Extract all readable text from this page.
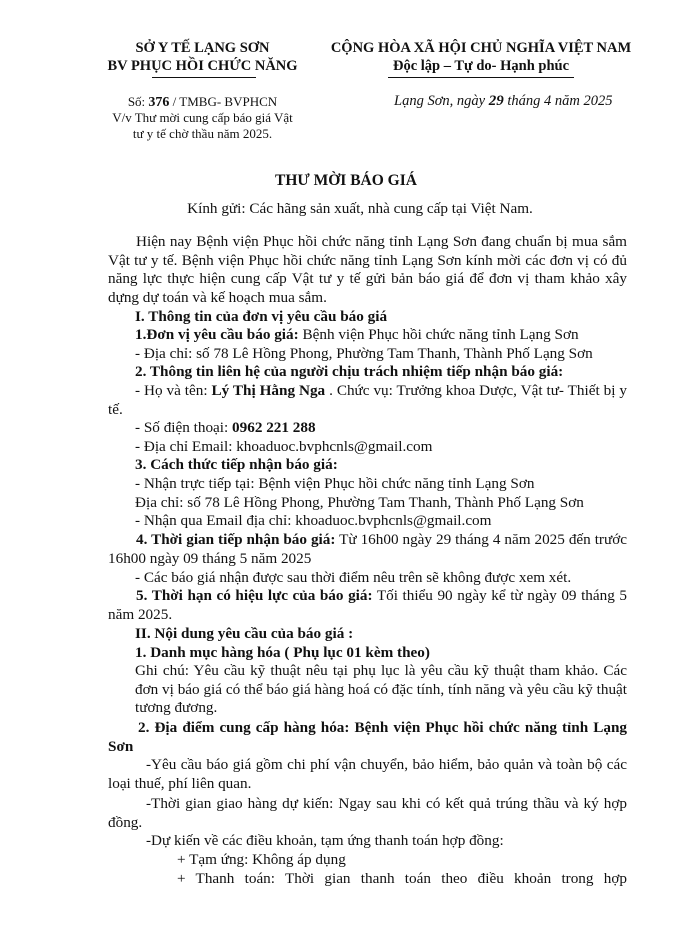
SỞ Y TẾ LẠNG SƠN
BV PHỤC HỒI CHỨC NĂNG
CỘNG HÒA XÃ HỘI CHỦ NGHĨA VIỆT NAM
Độc lập – Tự do- Hạnh phúc
Số: 376 / TMBG- BVPHCN
V/v Thư mời cung cấp báo giá Vật
tư y tế chờ thầu năm 2025.
Lạng Sơn, ngày 29 tháng 4 năm 2025
THƯ MỜI BÁO GIÁ
Kính gửi: Các hãng sản xuất, nhà cung cấp tại Việt Nam.
Hiện nay Bệnh viện Phục hồi chức năng tỉnh Lạng Sơn đang chuẩn bị mua sắm Vật tư y tế. Bệnh viện Phục hồi chức năng tỉnh Lạng Sơn kính mời các đơn vị có đủ năng lực thực hiện cung cấp Vật tư y tế gửi bản báo giá để đơn vị tham khảo xây dựng dự toán và kế hoạch mua sắm.
I. Thông tin của đơn vị yêu cầu báo giá
1.Đơn vị yêu cầu báo giá: Bệnh viện Phục hồi chức năng tỉnh Lạng Sơn
- Địa chỉ: số 78 Lê Hồng Phong, Phường Tam Thanh, Thành Phố Lạng Sơn
2. Thông tin liên hệ của người chịu trách nhiệm tiếp nhận báo giá:
- Họ và tên: Lý Thị Hằng Nga . Chức vụ: Trưởng khoa Dược, Vật tư- Thiết bị y tế.
- Số điện thoại: 0962 221 288
- Địa chỉ Email: khoaduoc.bvphcnls@gmail.com
3. Cách thức tiếp nhận báo giá:
- Nhận trực tiếp tại: Bệnh viện Phục hồi chức năng tỉnh Lạng Sơn
Địa chỉ: số 78 Lê Hồng Phong, Phường Tam Thanh, Thành Phố Lạng Sơn
- Nhận qua Email địa chỉ: khoaduoc.bvphcnls@gmail.com
4. Thời gian tiếp nhận báo giá: Từ 16h00 ngày 29 tháng 4 năm 2025 đến trước 16h00 ngày 09 tháng 5 năm 2025
- Các báo giá nhận được sau thời điểm nêu trên sẽ không được xem xét.
5. Thời hạn có hiệu lực của báo giá: Tối thiểu 90 ngày kể từ ngày 09 tháng 5 năm 2025.
II. Nội dung yêu cầu của báo giá :
1. Danh mục hàng hóa ( Phụ lục 01 kèm theo)
Ghi chú: Yêu cầu kỹ thuật nêu tại phụ lục là yêu cầu kỹ thuật tham khảo. Các đơn vị báo giá có thể báo giá hàng hoá có đặc tính, tính năng và yêu cầu kỹ thuật tương đương.
2. Địa điểm cung cấp hàng hóa: Bệnh viện Phục hồi chức năng tỉnh Lạng Sơn
-Yêu cầu báo giá gồm chi phí vận chuyển, bảo hiểm, bảo quản và toàn bộ các loại thuế, phí liên quan.
-Thời gian giao hàng dự kiến: Ngay sau khi có kết quả trúng thầu và ký hợp đồng.
-Dự kiến về các điều khoản, tạm ứng thanh toán hợp đồng:
+ Tạm ứng: Không áp dụng
+ Thanh toán: Thời gian thanh toán theo điều khoản trong hợp
